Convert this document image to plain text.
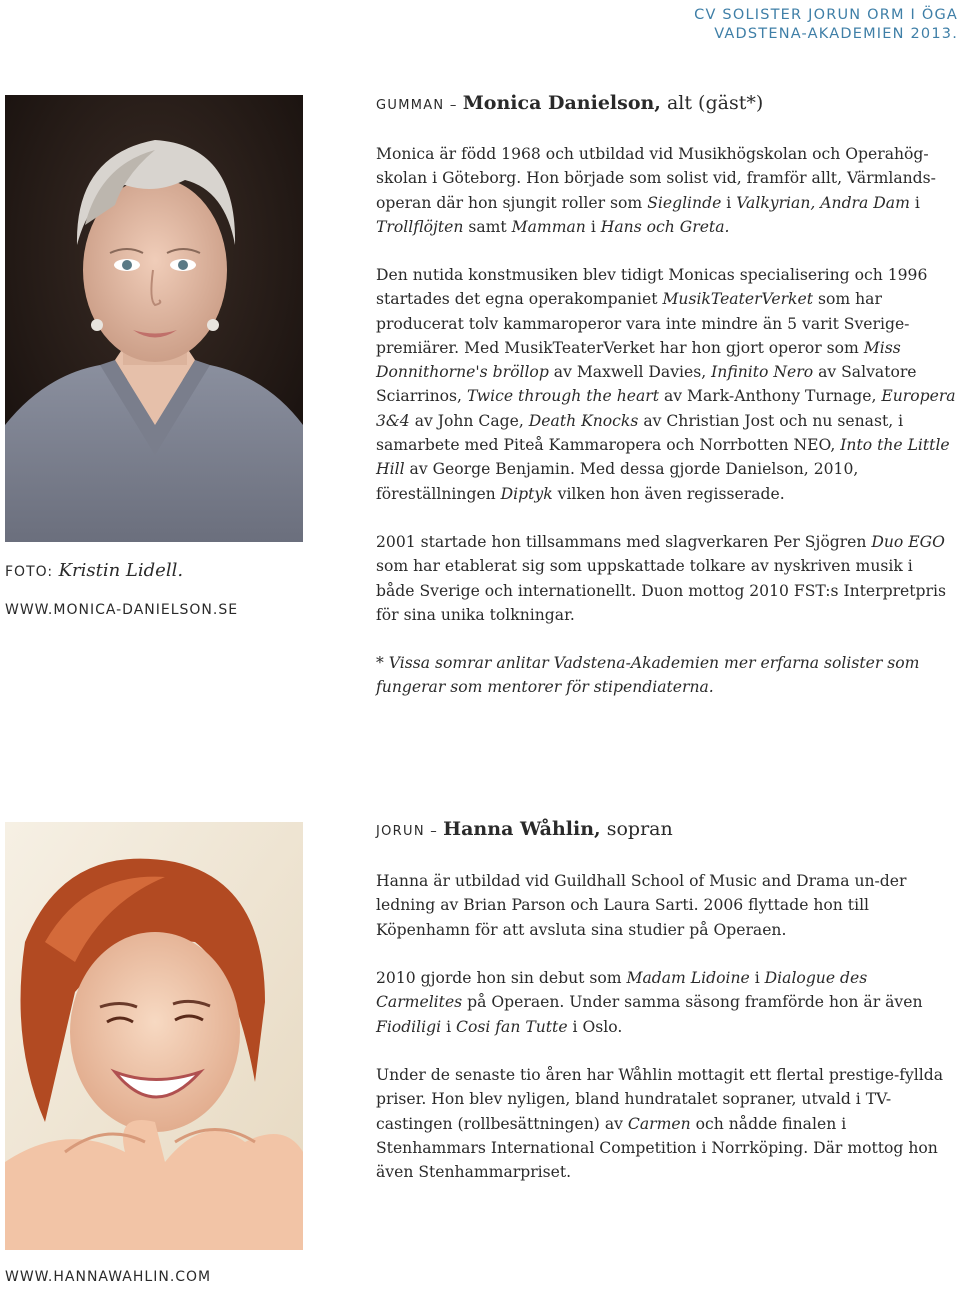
CV SOLISTER JORUN ORM I ÖGA
VADSTENA-AKADEMIEN 2013.
FOTO: Kristin Lidell.
WWW.MONICA-DANIELSON.SE
GUMMAN – Monica Danielson, alt (gäst*)

Monica är född 1968 och utbildad vid Musikhögskolan och Operahög-skolan i Göteborg. Hon började som solist vid, framför allt, Värmlands-operan där hon sjungit roller som Sieglinde i Valkyrian, Andra Dam i Trollflöjten samt Mamman i Hans och Greta.

Den nutida konstmusiken blev tidigt Monicas specialisering och 1996 startades det egna operakompaniet MusikTeaterVerket som har producerat tolv kammaroperor vara inte mindre än 5 varit Sverige-premiärer. Med MusikTeaterVerket har hon gjort operor som Miss Donnithorne's bröllop av Maxwell Davies, Infinito Nero av Salvatore Sciarrinos, Twice through the heart av Mark-Anthony Turnage, Europera 3&4 av John Cage, Death Knocks av Christian Jost och nu senast, i samarbete med Piteå Kammaropera och Norrbotten NEO, Into the Little Hill av George Benjamin. Med dessa gjorde Danielson, 2010, föreställningen Diptyk vilken hon även regisserade.

2001 startade hon tillsammans med slagverkaren Per Sjögren Duo EGO som har etablerat sig som uppskattade tolkare av nyskriven musik i både Sverige och internationellt. Duon mottog 2010 FST:s Interpretpris för sina unika tolkningar.

* Vissa somrar anlitar Vadstena-Akademien mer erfarna solister som fungerar som mentorer för stipendiaterna.

WWW.HANNAWAHLIN.COM
JORUN – Hanna Wåhlin, sopran

Hanna är utbildad vid Guildhall School of Music and Drama un-der ledning av Brian Parson och Laura Sarti. 2006 flyttade hon till Köpenhamn för att avsluta sina studier på Operaen.

2010 gjorde hon sin debut som Madam Lidoine i Dialogue des Carmelites på Operaen. Under samma säsong framförde hon är även Fiodiligi i Cosi fan Tutte i Oslo.

Under de senaste tio åren har Wåhlin mottagit ett flertal prestige-fyllda priser. Hon blev nyligen, bland hundratalet sopraner, utvald i TV-castingen (rollbesättningen) av Carmen och nådde finalen i Stenhammars International Competition i Norrköping. Där mottog hon även Stenhammarpriset.
